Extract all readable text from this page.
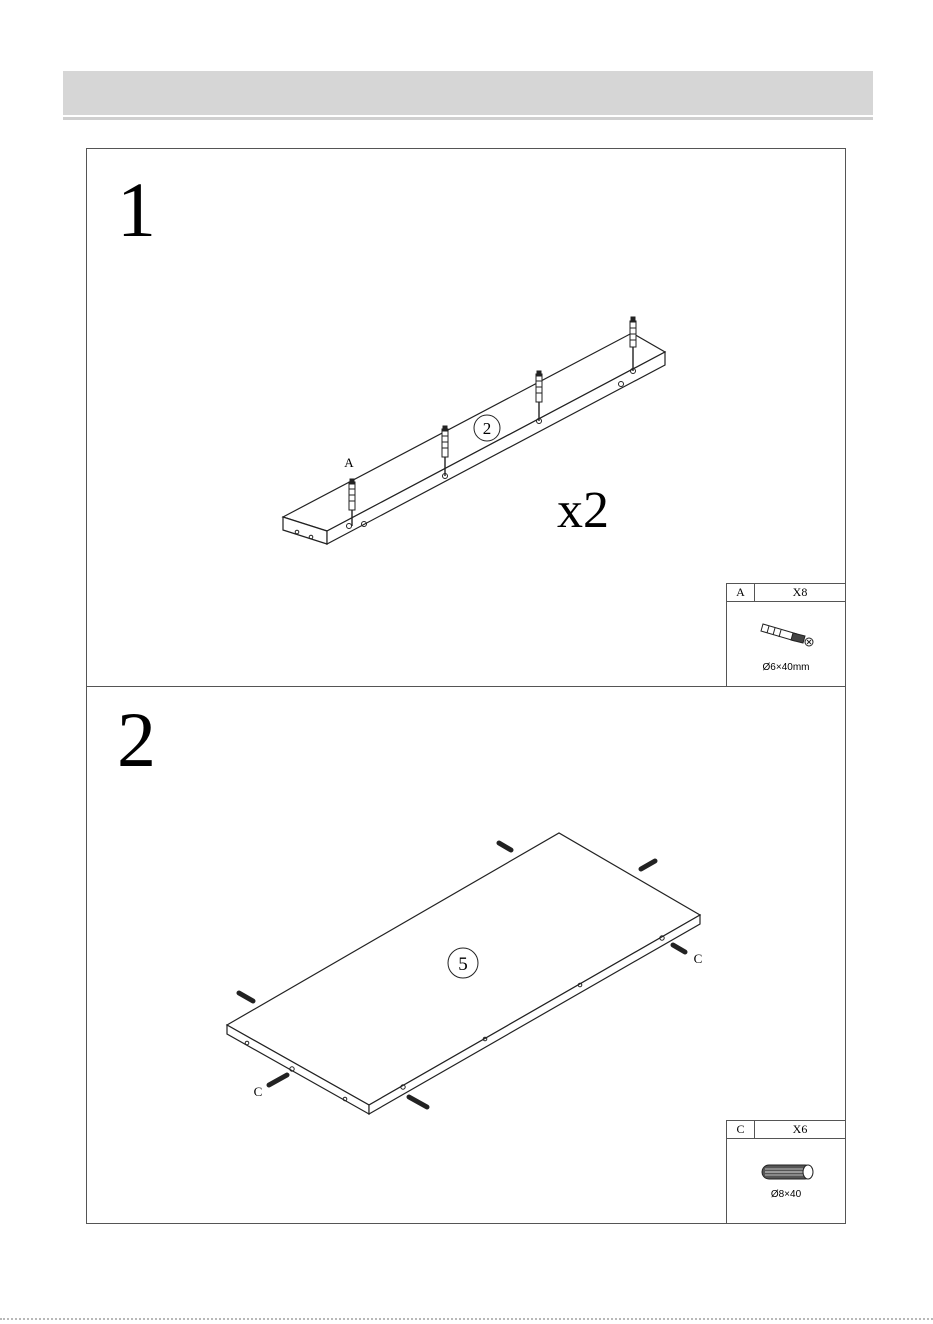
1
2
A
x2
A	X8
Ø6×40mm
2
5
C
C
C	X6
Ø8×40
